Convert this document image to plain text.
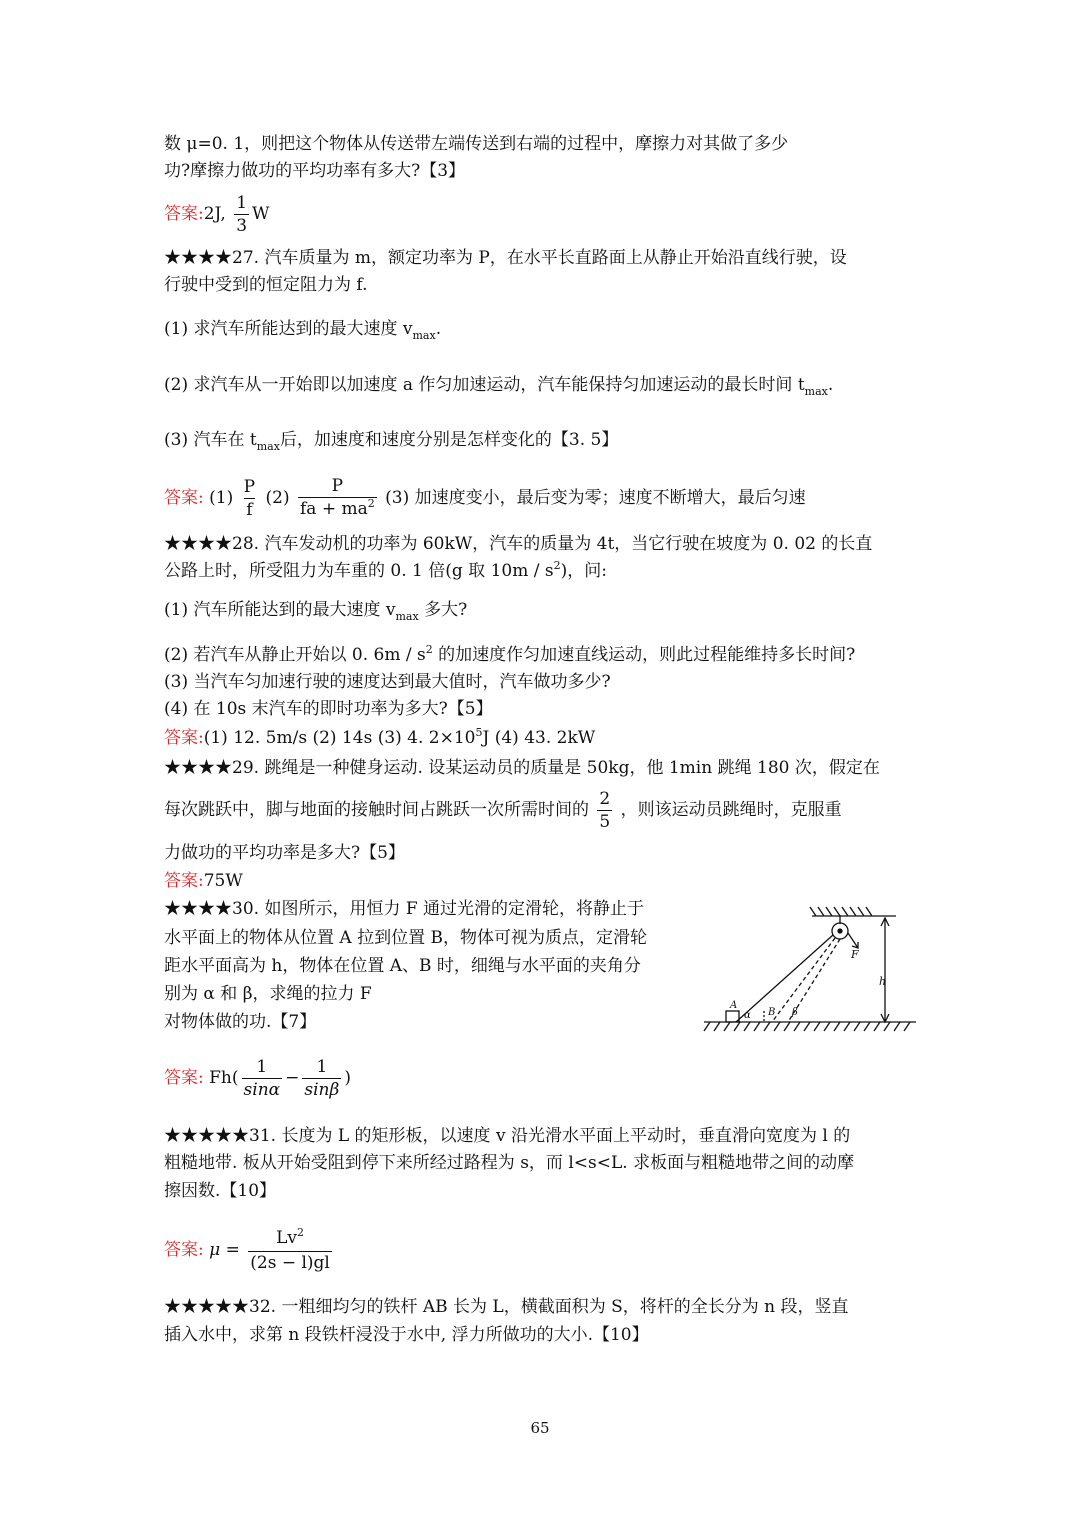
数 μ=0. 1，则把这个物体从传送带左端传送到右端的过程中，摩擦力对其做了多少
功?摩擦力做功的平均功率有多大?【3】
答案:2J, $\frac{1}{3}$ W
★★★★27. 汽车质量为 m，额定功率为 P，在水平长直路面上从静止开始沿直线行驶，设
行驶中受到的恒定阻力为 f.
(1) 求汽车所能达到的最大速度 $v_{max}$.
(2) 求汽车从一开始即以加速度 a 作匀加速运动，汽车能保持匀加速运动的最长时间 $t_{max}$.
(3) 汽车在 $t_{max}$后，加速度和速度分别是怎样变化的【3. 5】
答案: $(1) \frac{P}{f} (2) \frac{P}{fa + ma^2} (3)$ 加速度变小，最后变为零；速度不断增大，最后匀速
★★★★28. 汽车发动机的功率为 60kW，汽车的质量为 4t，当它行驶在坡度为 0. 02 的长直
公路上时，所受阻力为车重的 0. 1 倍(g 取 $10m / s^2$)，问:
(1) 汽车所能达到的最大速度 $v_{max}$ 多大?
(2) 若汽车从静止开始以 0. $6m / s^2$ 的加速度作匀加速直线运动，则此过程能维持多长时间?
(3) 当汽车匀加速行驶的速度达到最大值时，汽车做功多少?
(4) 在 10s 末汽车的即时功率为多大?【5】
答案:(1) 12. 5m/s (2) 14s (3) 4. $2\times 10^5J$ (4) 43. 2kW
★★★★29. 跳绳是一种健身运动. 设某运动员的质量是 50kg，他 1min 跳绳 180 次，假定在
每次跳跃中，脚与地面的接触时间占跳跃一次所需时间的 $\frac{2}{5}$ ，则该运动员跳绳时，克服重
力做功的平均功率是多大?【5】
答案:75W
★★★★30. 如图所示，用恒力 F 通过光滑的定滑轮，将静止于
水平面上的物体从位置 A 拉到位置 B，物体可视为质点，定滑轮
距水平面高为 h，物体在位置 A、B 时，细绳与水平面的夹角分
别为 α 和 β，求绳的拉力 F
对物体做的功.【7】
F
h
A
α B β
答案: $Fh( \frac{1}{\sin\alpha} - \frac{1}{\sin\beta}$ )
★★★★★31. 长度为 L 的矩形板，以速度 v 沿光滑水平面上平动时，垂直滑向宽度为 l 的
粗糙地带. 板从开始受阻到停下来所经过路程为 s，而 l<s<L. 求板面与粗糙地带之间的动摩
擦因数.【10】
答案: $\mu = \frac{Lv^2}{(2s - l)gl}$
★★★★★32. 一粗细均匀的铁杆 AB 长为 L，横截面积为 S，将杆的全长分为 n 段，竖直
插入水中，求第 n 段铁杆浸没于水中, 浮力所做功的大小.【10】
65
